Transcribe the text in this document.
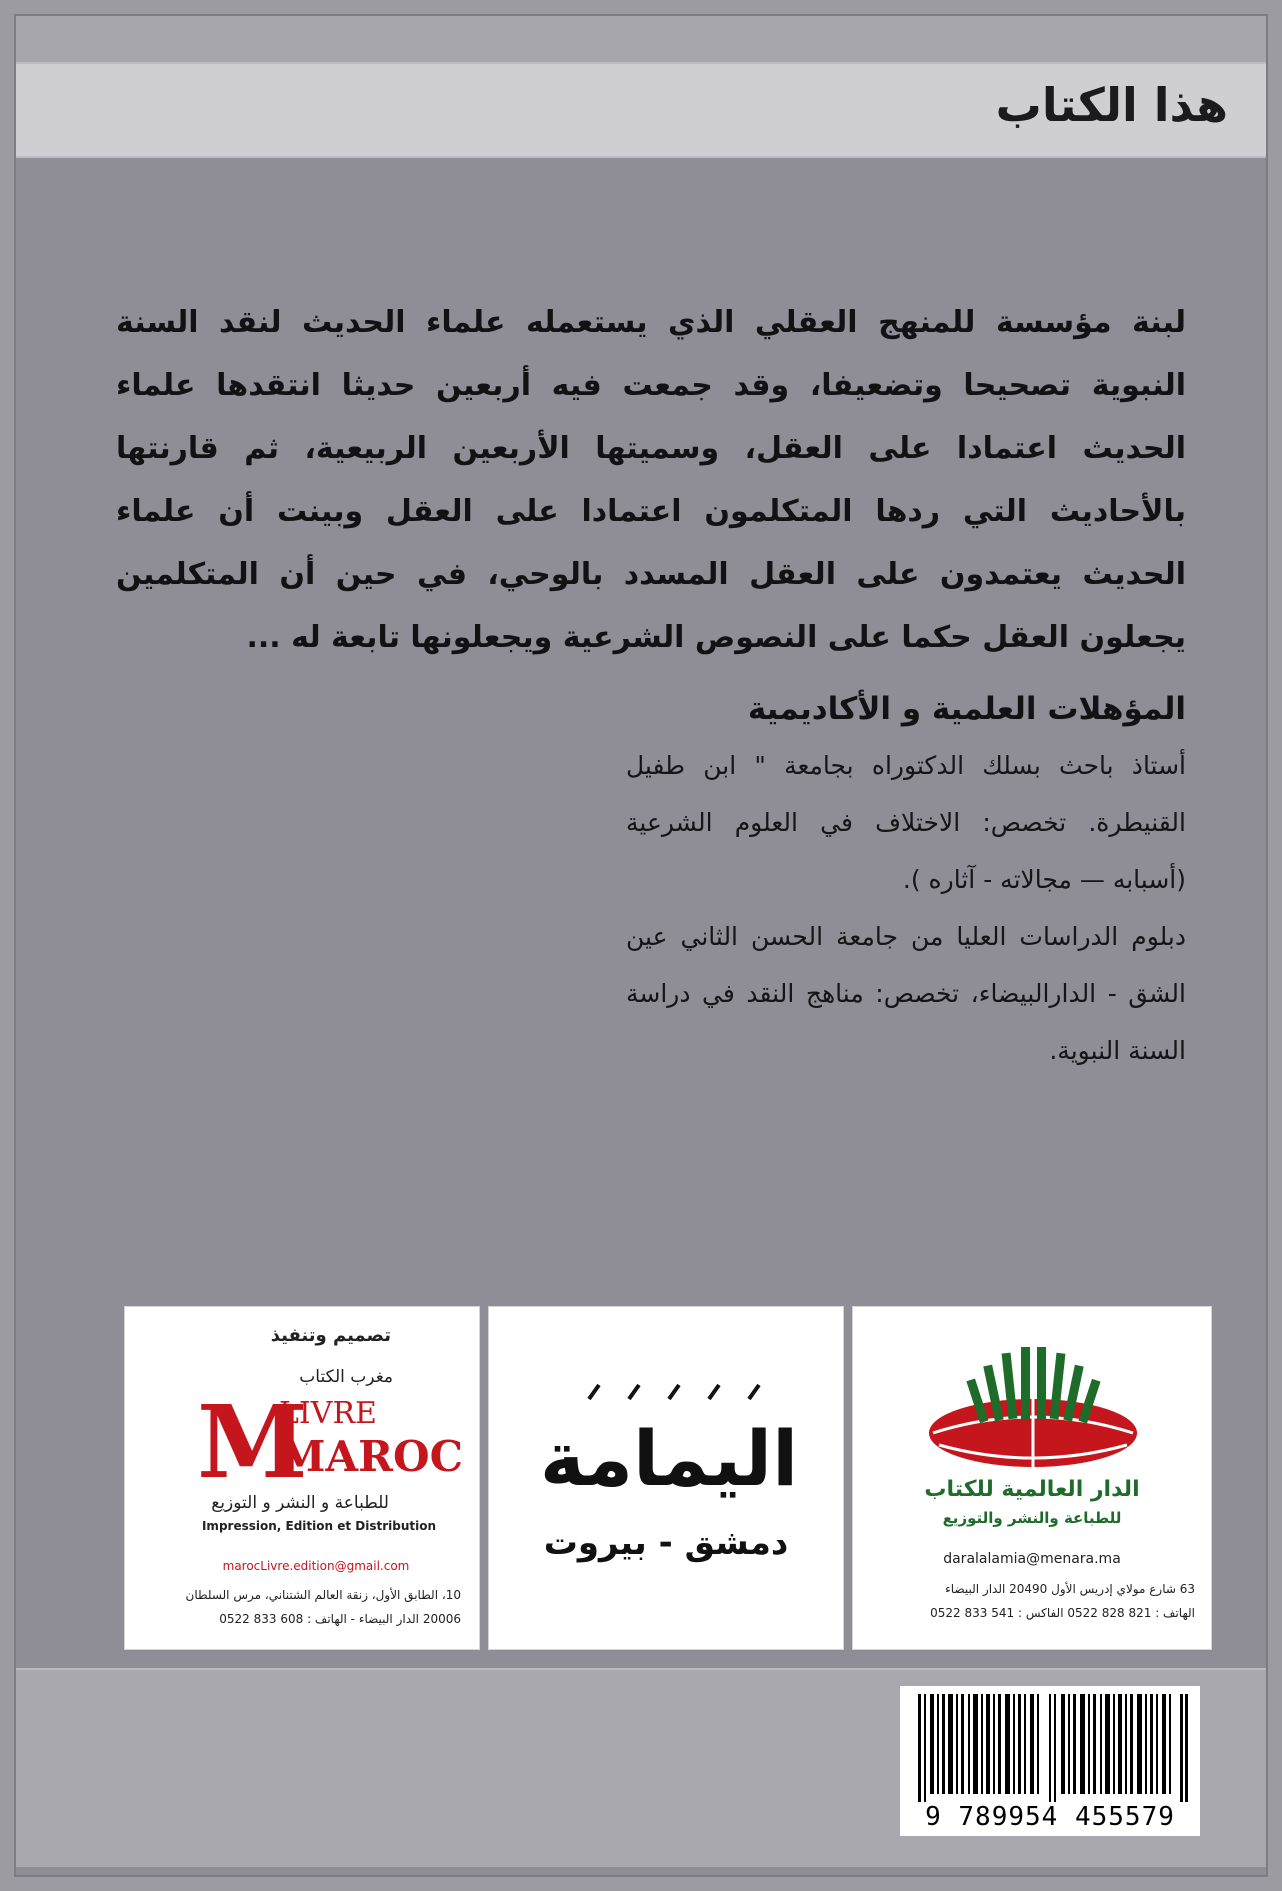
هذا الكتاب

لبنة مؤسسة للمنهج العقلي الذي يستعمله علماء الحديث لنقد السنة النبوية تصحيحا وتضعيفا، وقد جمعت فيه أربعين حديثا انتقدها علماء الحديث اعتمادا على العقل، وسميتها الأربعين الربيعية، ثم قارنتها بالأحاديث التي ردها المتكلمون اعتمادا على العقل وبينت أن علماء الحديث يعتمدون على العقل المسدد بالوحي، في حين أن المتكلمين يجعلون العقل حكما على النصوص الشرعية ويجعلونها تابعة له ...

المؤهلات العلمية و الأكاديمية

أستاذ باحث بسلك الدكتوراه بجامعة " ابن طفيل القنيطرة. تخصص: الاختلاف في العلوم الشرعية (أسبابه — مجالاته - آثاره ).

دبلوم الدراسات العليا من جامعة الحسن الثاني عين الشق - الدارالبيضاء، تخصص: مناهج النقد في دراسة السنة النبوية.

تصميم وتنفيذ
مغرب الكتاب
M
LIVRE
MAROC
للطباعة و النشر و التوزيع
Impression, Edition et Distribution
marocLivre.edition@gmail.com
10، الطابق الأول، زنقة العالم الشتناني، مرس السلطان
20006 الدار البيضاء - الهاتف : 608 833 0522
اليمامة
دمشق - بيروت
الدار العالمية للكتاب
للطباعة والنشر والتوزيع
daralalamia@menara.ma
63 شارع مولاي إدريس الأول 20490 الدار البيضاء
الهاتف : 821 828 0522 الفاكس : 541 833 0522
9 789954 455579
